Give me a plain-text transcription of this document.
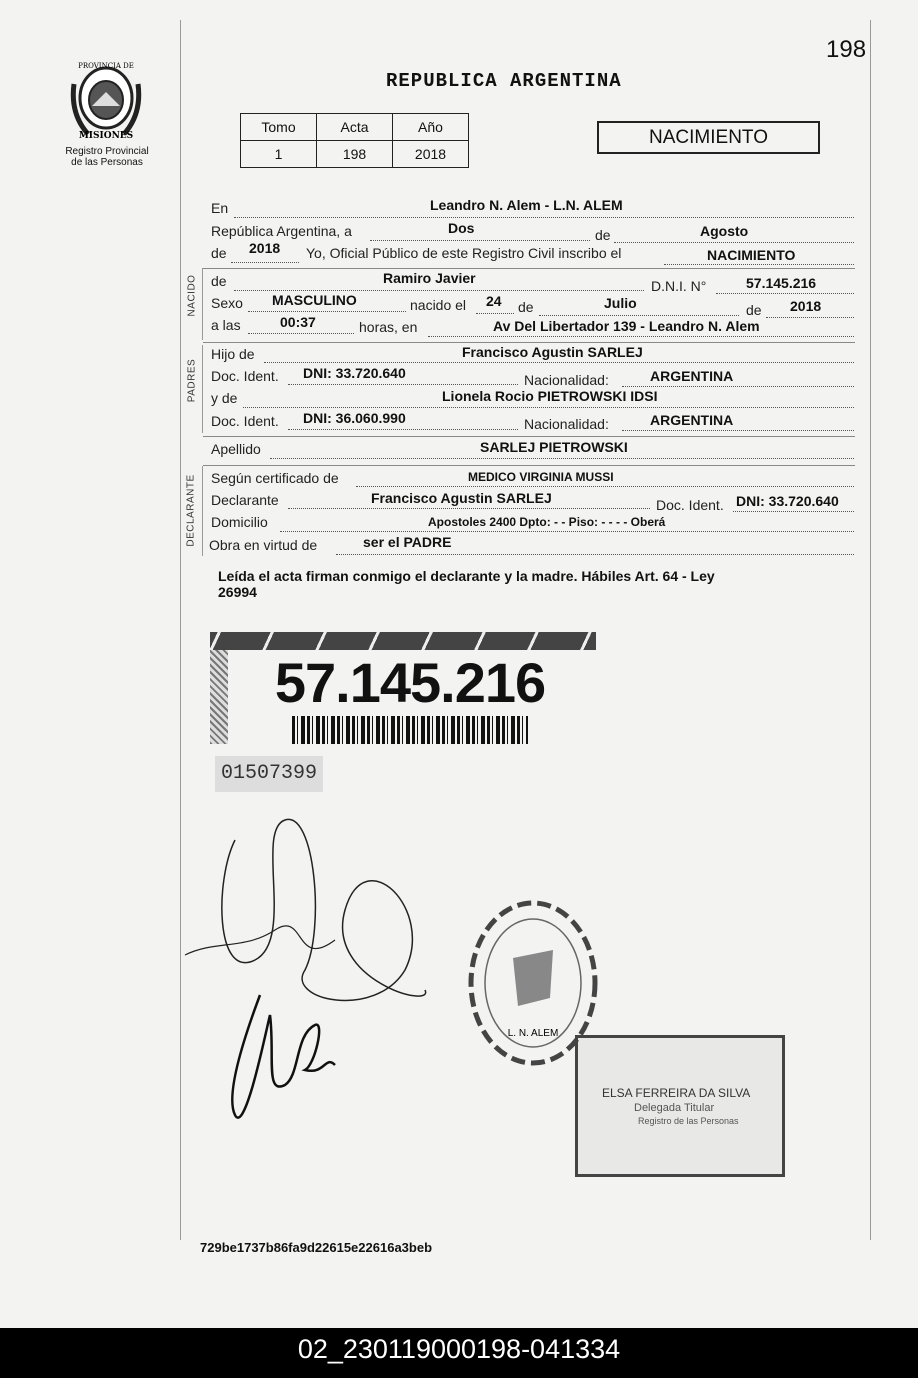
198
PROVINCIA DE
MISIONES
Registro Provincial
de las Personas
REPUBLICA ARGENTINA
Tomo	Acta	Año
1	198	2018
NACIMIENTO
NACIDO
PADRES
DECLARANTE
En	Leandro N. Alem - L.N. ALEM
República Argentina, a	Dos	de	Agosto
de 2018 Yo, Oficial Público de este Registro Civil inscribo el	NACIMIENTO
de	Ramiro Javier	D.N.I. N°	57.145.216
Sexo MASCULINO	nacido el 24 de	Julio	de 2018
a las	00:37	horas, en	Av Del Libertador 139 - Leandro N. Alem
Hijo de	Francisco Agustin SARLEJ
Doc. Ident. DNI: 33.720.640	Nacionalidad:	ARGENTINA
y de	Lionela Rocio PIETROWSKI IDSI
Doc. Ident. DNI: 36.060.990	Nacionalidad:	ARGENTINA
Apellido	SARLEJ PIETROWSKI
Según certificado de	MEDICO VIRGINIA MUSSI
Declarante	Francisco Agustin SARLEJ	Doc. Ident. DNI: 33.720.640
Domicilio	Apostoles 2400 Dpto: - - Piso: - - - - Oberá
Obra en virtud de	ser el PADRE
Leída el acta firman conmigo el declarante y la madre. Hábiles Art. 64 - Ley
26994
57.145.216
01507399
L. N. ALEM
ELSA FERREIRA DA SILVA
Delegada Titular
Registro de las Personas
729be1737b86fa9d22615e22616a3beb
02_230119000198-041334
